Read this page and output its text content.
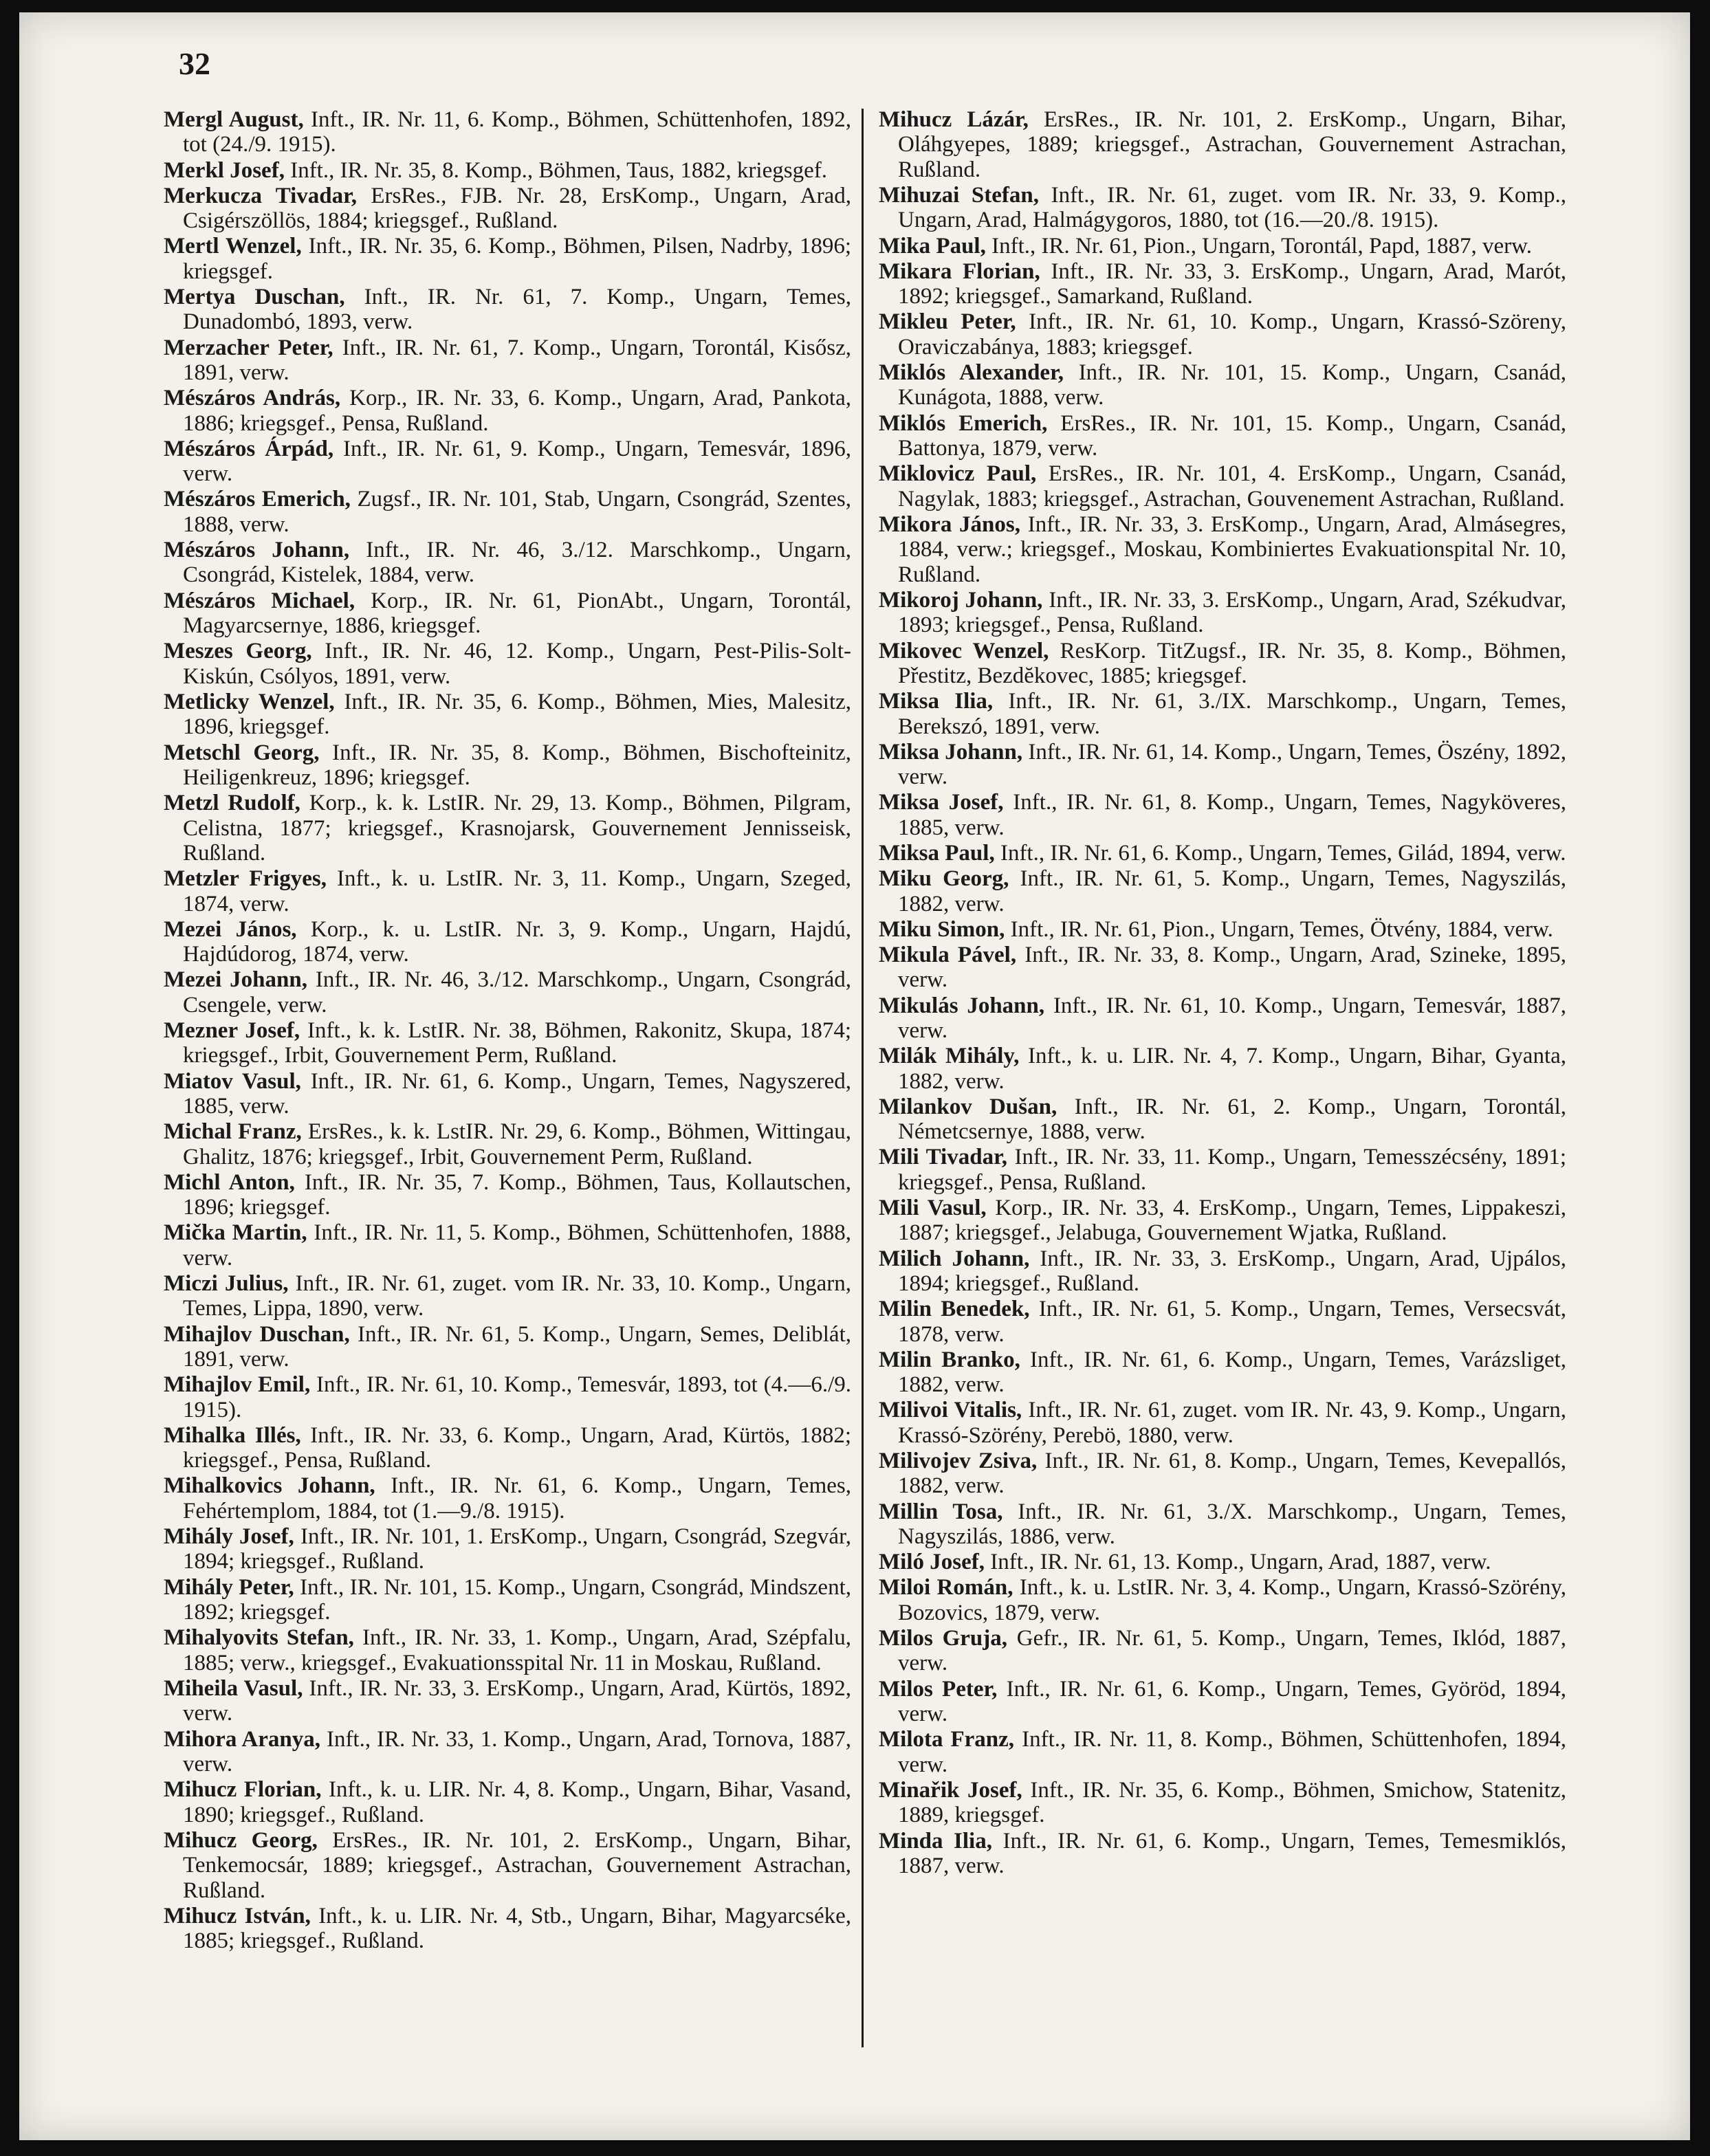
32

Mergl August, Inft., IR. Nr. 11, 6. Komp., Böhmen, Schüttenhofen, 1892, tot (24./9. 1915).

Merkl Josef, Inft., IR. Nr. 35, 8. Komp., Böhmen, Taus, 1882, kriegsgef.

Merkucza Tivadar, ErsRes., FJB. Nr. 28, ErsKomp., Ungarn, Arad, Csigérszöllös, 1884; kriegsgef., Rußland.

Mertl Wenzel, Inft., IR. Nr. 35, 6. Komp., Böhmen, Pilsen, Nadrby, 1896; kriegsgef.

Mertya Duschan, Inft., IR. Nr. 61, 7. Komp., Ungarn, Temes, Dunadombó, 1893, verw.

Merzacher Peter, Inft., IR. Nr. 61, 7. Komp., Ungarn, Torontál, Kisősz, 1891, verw.

Mészáros András, Korp., IR. Nr. 33, 6. Komp., Ungarn, Arad, Pankota, 1886; kriegsgef., Pensa, Rußland.

Mészáros Árpád, Inft., IR. Nr. 61, 9. Komp., Ungarn, Temesvár, 1896, verw.

Mészáros Emerich, Zugsf., IR. Nr. 101, Stab, Ungarn, Csongrád, Szentes, 1888, verw.

Mészáros Johann, Inft., IR. Nr. 46, 3./12. Marschkomp., Ungarn, Csongrád, Kistelek, 1884, verw.

Mészáros Michael, Korp., IR. Nr. 61, PionAbt., Ungarn, Torontál, Magyarcsernye, 1886, kriegsgef.

Meszes Georg, Inft., IR. Nr. 46, 12. Komp., Ungarn, Pest-Pilis-Solt-Kiskún, Csólyos, 1891, verw.

Metlicky Wenzel, Inft., IR. Nr. 35, 6. Komp., Böhmen, Mies, Malesitz, 1896, kriegsgef.

Metschl Georg, Inft., IR. Nr. 35, 8. Komp., Böhmen, Bischofteinitz, Heiligenkreuz, 1896; kriegsgef.

Metzl Rudolf, Korp., k. k. LstIR. Nr. 29, 13. Komp., Böhmen, Pilgram, Celistna, 1877; kriegsgef., Krasnojarsk, Gouvernement Jennisseisk, Rußland.

Metzler Frigyes, Inft., k. u. LstIR. Nr. 3, 11. Komp., Ungarn, Szeged, 1874, verw.

Mezei János, Korp., k. u. LstIR. Nr. 3, 9. Komp., Ungarn, Hajdú, Hajdúdorog, 1874, verw.

Mezei Johann, Inft., IR. Nr. 46, 3./12. Marschkomp., Ungarn, Csongrád, Csengele, verw.

Mezner Josef, Inft., k. k. LstIR. Nr. 38, Böhmen, Rakonitz, Skupa, 1874; kriegsgef., Irbit, Gouvernement Perm, Rußland.

Miatov Vasul, Inft., IR. Nr. 61, 6. Komp., Ungarn, Temes, Nagyszered, 1885, verw.

Michal Franz, ErsRes., k. k. LstIR. Nr. 29, 6. Komp., Böhmen, Wittingau, Ghalitz, 1876; kriegsgef., Irbit, Gouvernement Perm, Rußland.

Michl Anton, Inft., IR. Nr. 35, 7. Komp., Böhmen, Taus, Kollautschen, 1896; kriegsgef.

Mička Martin, Inft., IR. Nr. 11, 5. Komp., Böhmen, Schüttenhofen, 1888, verw.

Miczi Julius, Inft., IR. Nr. 61, zuget. vom IR. Nr. 33, 10. Komp., Ungarn, Temes, Lippa, 1890, verw.

Mihajlov Duschan, Inft., IR. Nr. 61, 5. Komp., Ungarn, Semes, Deliblát, 1891, verw.

Mihajlov Emil, Inft., IR. Nr. 61, 10. Komp., Temesvár, 1893, tot (4.—6./9. 1915).

Mihalka Illés, Inft., IR. Nr. 33, 6. Komp., Ungarn, Arad, Kürtös, 1882; kriegsgef., Pensa, Rußland.

Mihalkovics Johann, Inft., IR. Nr. 61, 6. Komp., Ungarn, Temes, Fehértemplom, 1884, tot (1.—9./8. 1915).

Mihály Josef, Inft., IR. Nr. 101, 1. ErsKomp., Ungarn, Csongrád, Szegvár, 1894; kriegsgef., Rußland.

Mihály Peter, Inft., IR. Nr. 101, 15. Komp., Ungarn, Csongrád, Mindszent, 1892; kriegsgef.

Mihalyovits Stefan, Inft., IR. Nr. 33, 1. Komp., Ungarn, Arad, Szépfalu, 1885; verw., kriegsgef., Evakuationsspital Nr. 11 in Moskau, Rußland.

Miheila Vasul, Inft., IR. Nr. 33, 3. ErsKomp., Ungarn, Arad, Kürtös, 1892, verw.

Mihora Aranya, Inft., IR. Nr. 33, 1. Komp., Ungarn, Arad, Tornova, 1887, verw.

Mihucz Florian, Inft., k. u. LIR. Nr. 4, 8. Komp., Ungarn, Bihar, Vasand, 1890; kriegsgef., Rußland.

Mihucz Georg, ErsRes., IR. Nr. 101, 2. ErsKomp., Ungarn, Bihar, Tenkemocsár, 1889; kriegsgef., Astrachan, Gouvernement Astrachan, Rußland.

Mihucz István, Inft., k. u. LIR. Nr. 4, Stb., Ungarn, Bihar, Magyarcséke, 1885; kriegsgef., Rußland.

Mihucz Lázár, ErsRes., IR. Nr. 101, 2. ErsKomp., Ungarn, Bihar, Oláhgyepes, 1889; kriegsgef., Astrachan, Gouvernement Astrachan, Rußland.

Mihuzai Stefan, Inft., IR. Nr. 61, zuget. vom IR. Nr. 33, 9. Komp., Ungarn, Arad, Halmágygoros, 1880, tot (16.—20./8. 1915).

Mika Paul, Inft., IR. Nr. 61, Pion., Ungarn, Torontál, Papd, 1887, verw.

Mikara Florian, Inft., IR. Nr. 33, 3. ErsKomp., Ungarn, Arad, Marót, 1892; kriegsgef., Samarkand, Rußland.

Mikleu Peter, Inft., IR. Nr. 61, 10. Komp., Ungarn, Krassó-Szöreny, Oraviczabánya, 1883; kriegsgef.

Miklós Alexander, Inft., IR. Nr. 101, 15. Komp., Ungarn, Csanád, Kunágota, 1888, verw.

Miklós Emerich, ErsRes., IR. Nr. 101, 15. Komp., Ungarn, Csanád, Battonya, 1879, verw.

Miklovicz Paul, ErsRes., IR. Nr. 101, 4. ErsKomp., Ungarn, Csanád, Nagylak, 1883; kriegsgef., Astrachan, Gouvenement Astrachan, Rußland.

Mikora János, Inft., IR. Nr. 33, 3. ErsKomp., Ungarn, Arad, Almásegres, 1884, verw.; kriegsgef., Moskau, Kombiniertes Evakuationspital Nr. 10, Rußland.

Mikoroj Johann, Inft., IR. Nr. 33, 3. ErsKomp., Ungarn, Arad, Székudvar, 1893; kriegsgef., Pensa, Rußland.

Mikovec Wenzel, ResKorp. TitZugsf., IR. Nr. 35, 8. Komp., Böhmen, Přestitz, Bezdĕkovec, 1885; kriegsgef.

Miksa Ilia, Inft., IR. Nr. 61, 3./IX. Marschkomp., Ungarn, Temes, Berekszó, 1891, verw.

Miksa Johann, Inft., IR. Nr. 61, 14. Komp., Ungarn, Temes, Öszény, 1892, verw.

Miksa Josef, Inft., IR. Nr. 61, 8. Komp., Ungarn, Temes, Nagyköveres, 1885, verw.

Miksa Paul, Inft., IR. Nr. 61, 6. Komp., Ungarn, Temes, Gilád, 1894, verw.

Miku Georg, Inft., IR. Nr. 61, 5. Komp., Ungarn, Temes, Nagyszilás, 1882, verw.

Miku Simon, Inft., IR. Nr. 61, Pion., Ungarn, Temes, Ötvény, 1884, verw.

Mikula Pável, Inft., IR. Nr. 33, 8. Komp., Ungarn, Arad, Szineke, 1895, verw.

Mikulás Johann, Inft., IR. Nr. 61, 10. Komp., Ungarn, Temesvár, 1887, verw.

Milák Mihály, Inft., k. u. LIR. Nr. 4, 7. Komp., Ungarn, Bihar, Gyanta, 1882, verw.

Milankov Dušan, Inft., IR. Nr. 61, 2. Komp., Ungarn, Torontál, Németcsernye, 1888, verw.

Mili Tivadar, Inft., IR. Nr. 33, 11. Komp., Ungarn, Temesszécsény, 1891; kriegsgef., Pensa, Rußland.

Mili Vasul, Korp., IR. Nr. 33, 4. ErsKomp., Ungarn, Temes, Lippakeszi, 1887; kriegsgef., Jelabuga, Gouvernement Wjatka, Rußland.

Milich Johann, Inft., IR. Nr. 33, 3. ErsKomp., Ungarn, Arad, Ujpálos, 1894; kriegsgef., Rußland.

Milin Benedek, Inft., IR. Nr. 61, 5. Komp., Ungarn, Temes, Versecsvát, 1878, verw.

Milin Branko, Inft., IR. Nr. 61, 6. Komp., Ungarn, Temes, Varázsliget, 1882, verw.

Milivoi Vitalis, Inft., IR. Nr. 61, zuget. vom IR. Nr. 43, 9. Komp., Ungarn, Krassó-Szörény, Perebö, 1880, verw.

Milivojev Zsiva, Inft., IR. Nr. 61, 8. Komp., Ungarn, Temes, Kevepallós, 1882, verw.

Millin Tosa, Inft., IR. Nr. 61, 3./X. Marschkomp., Ungarn, Temes, Nagyszilás, 1886, verw.

Miló Josef, Inft., IR. Nr. 61, 13. Komp., Ungarn, Arad, 1887, verw.

Miloi Román, Inft., k. u. LstIR. Nr. 3, 4. Komp., Ungarn, Krassó-Szörény, Bozovics, 1879, verw.

Milos Gruja, Gefr., IR. Nr. 61, 5. Komp., Ungarn, Temes, Iklód, 1887, verw.

Milos Peter, Inft., IR. Nr. 61, 6. Komp., Ungarn, Temes, Györöd, 1894, verw.

Milota Franz, Inft., IR. Nr. 11, 8. Komp., Böhmen, Schüttenhofen, 1894, verw.

Minařik Josef, Inft., IR. Nr. 35, 6. Komp., Böhmen, Smichow, Statenitz, 1889, kriegsgef.

Minda Ilia, Inft., IR. Nr. 61, 6. Komp., Ungarn, Temes, Temesmiklós, 1887, verw.
